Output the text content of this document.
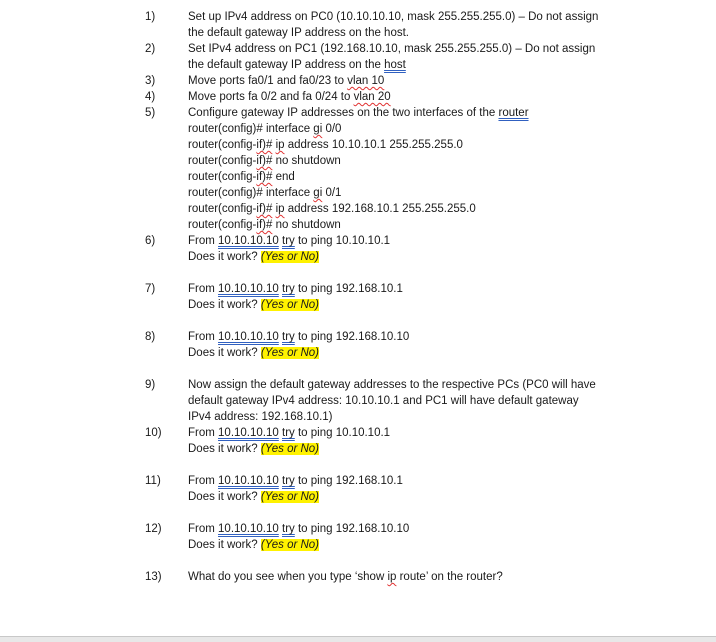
1)	Set up IPv4 address on PC0 (10.10.10.10, mask 255.255.255.0) – Do not assign
the default gateway IP address on the host.
2)	Set IPv4 address on PC1 (192.168.10.10, mask 255.255.255.0) – Do not assign
the default gateway IP address on the host
3)	Move ports fa0/1 and fa0/23 to vlan 10
4)	Move ports fa 0/2 and fa 0/24 to vlan 20
5)	Configure gateway IP addresses on the two interfaces of the router
router(config)# interface gi 0/0
router(config-if)# ip address 10.10.10.1 255.255.255.0
router(config-if)# no shutdown
router(config-if)# end
router(config)# interface gi 0/1
router(config-if)# ip address 192.168.10.1 255.255.255.0
router(config-if)# no shutdown
6)	From 10.10.10.10 try to ping 10.10.10.1
Does it work? (Yes or No)
7)	From 10.10.10.10 try to ping 192.168.10.1
Does it work? (Yes or No)
8)	From 10.10.10.10 try to ping 192.168.10.10
Does it work? (Yes or No)
9)	Now assign the default gateway addresses to the respective PCs (PC0 will have
default gateway IPv4 address: 10.10.10.1 and PC1 will have default gateway
IPv4 address: 192.168.10.1)
10)	From 10.10.10.10 try to ping 10.10.10.1
Does it work? (Yes or No)
11)	From 10.10.10.10 try to ping 192.168.10.1
Does it work? (Yes or No)
12)	From 10.10.10.10 try to ping 192.168.10.10
Does it work? (Yes or No)
13)	What do you see when you type ‘show ip route’ on the router?
